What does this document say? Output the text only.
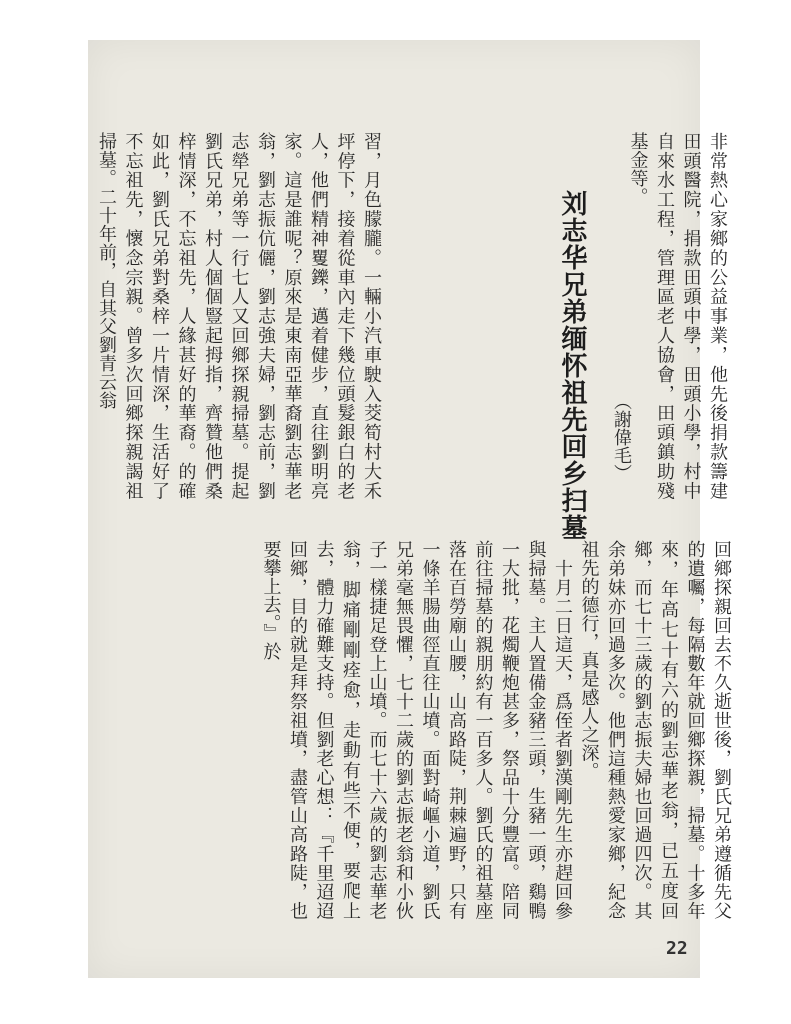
非常熱心家鄉的公益事業，他先後捐款籌建田頭醫院，捐款田頭中學，田頭小學，村中自來水工程，管理區老人協會，田頭鎮助殘基金等。
習，月色朦朧。一輛小汽車駛入茭筍村大禾坪停下，接着從車內走下幾位頭髮銀白的老人，他們精神矍鑠，邁着健步，直往劉明亮家。這是誰呢？原來是東南亞華裔劉志華老翁，劉志振伉儷，劉志強夫婦，劉志前，劉志犖兄弟等一行七人又回鄉探親掃墓。提起劉氏兄弟，村人個個豎起拇指，齊贊他們桑梓情深，不忘祖先，人緣甚好的華裔。的確如此，劉氏兄弟對桑梓一片情深，生活好了不忘祖先，懷念宗親。曾多次回鄉探親謁祖掃墓。二十年前，自其父劉青云翁
回鄉探親回去不久逝世後，劉氏兄弟遵循先父的遺囑，每隔數年就回鄉探親，掃墓。十多年來，年高七十有六的劉志華老翁，已五度回鄉，而七十三歲的劉志振夫婦也回過四次。其余弟妹亦回過多次。他們這種熱愛家鄉，紀念祖先的德行，真是感人之深。
　十月二日這天，爲侄者劉漢剛先生亦趕回參與掃墓。主人置備金豬三頭，生豬一頭，鷄鴨一大批，花燭鞭炮甚多，祭品十分豐富。陪同前往掃墓的親朋約有一百多人。劉氏的祖墓座落在百勞廟山腰，山高路陡，荆棘遍野，只有一條羊腸曲徑直往山墳。面對崎嶇小道，劉氏兄弟毫無畏懼，七十二歲的劉志振老翁和小伙子一樣捷足登上山墳。而七十六歲的劉志華老翁，脚痛剛剛痊愈，走動有些不便，要爬上去，體力確難支持。但劉老心想：『千里迢迢回鄉，目的就是拜祭祖墳，盡管山高路陡，也要攀上去。』於
刘志华兄弟缅怀祖先回乡扫墓 （謝偉毛）
22
